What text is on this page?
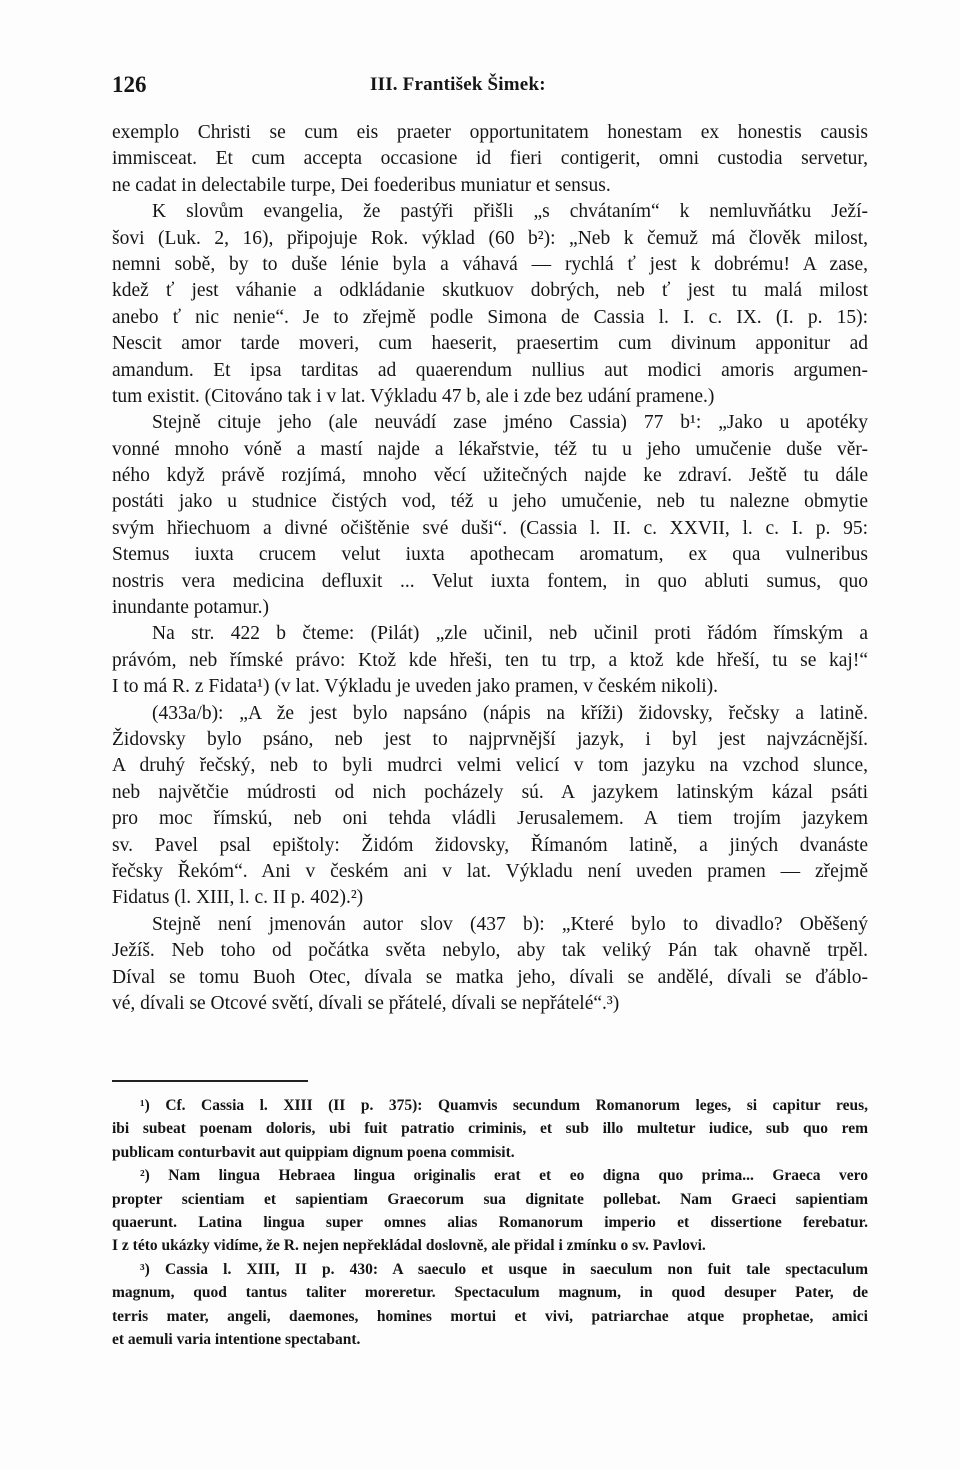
126	III. František Šimek:
exemplo Christi se cum eis praeter opportunitatem honestam ex honestis causis
immisceat. Et cum accepta occasione id fieri contigerit, omni custodia servetur,
ne cadat in delectabile turpe, Dei foederibus muniatur et sensus.
K slovům evangelia, že pastýři přišli „s chvátaním“ k nemluvňátku Ježí-
šovi (Luk. 2, 16), připojuje Rok. výklad (60 b²): „Neb k čemuž má člověk milost,
nemni sobě, by to duše lénie byla a váhavá — rychlá ť jest k dobrému! A zase,
kdež ť jest váhanie a odkládanie skutkuov dobrých, neb ť jest tu malá milost
anebo ť nic nenie“. Je to zřejmě podle Simona de Cassia l. I. c. IX. (I. p. 15):
Nescit amor tarde moveri, cum haeserit, praesertim cum divinum apponitur ad
amandum. Et ipsa tarditas ad quaerendum nullius aut modici amoris argumen-
tum existit. (Citováno tak i v lat. Výkladu 47 b, ale i zde bez udání pramene.)
Stejně cituje jeho (ale neuvádí zase jméno Cassia) 77 b¹: „Jako u apotéky
vonné mnoho vóně a mastí najde a lékařstvie, též tu u jeho umučenie duše věr-
ného když právě rozjímá, mnoho věcí užitečných najde ke zdraví. Ještě tu dále
postáti jako u studnice čistých vod, též u jeho umučenie, neb tu nalezne obmytie
svým hřiechuom a divné očištěnie své duši“. (Cassia l. II. c. XXVII, l. c. I. p. 95:
Stemus iuxta crucem velut iuxta apothecam aromatum, ex qua vulneribus
nostris vera medicina defluxit ... Velut iuxta fontem, in quo abluti sumus, quo
inundante potamur.)
Na str. 422 b čteme: (Pilát) „zle učinil, neb učinil proti řádóm římským a
právóm, neb římské právo: Ktož kde hřeši, ten tu trp, a ktož kde hřeší, tu se kaj!“
I to má R. z Fidata¹) (v lat. Výkladu je uveden jako pramen, v českém nikoli).
(433a/b): „A že jest bylo napsáno (nápis na kříži) židovsky, řečsky a latině.
Židovsky bylo psáno, neb jest to najprvnější jazyk, i byl jest najvzácnější.
A druhý řečský, neb to byli mudrci velmi velicí v tom jazyku na vzchod slunce,
neb najvětčie múdrosti od nich pocházely sú. A jazykem latinským kázal psáti
pro moc římskú, neb oni tehda vládli Jerusalemem. A tiem trojím jazykem
sv. Pavel psal epištoly: Židóm židovsky, Římanóm latině, a jiných dvanáste
řečsky Řekóm“. Ani v českém ani v lat. Výkladu není uveden pramen — zřejmě
Fidatus (l. XIII, l. c. II p. 402).²)
Stejně není jmenován autor slov (437 b): „Které bylo to divadlo? Oběšený
Ježíš. Neb toho od počátka světa nebylo, aby tak veliký Pán tak ohavně trpěl.
Díval se tomu Buoh Otec, dívala se matka jeho, dívali se andělé, dívali se ďáblo-
vé, dívali se Otcové světí, dívali se přátelé, dívali se nepřátelé“.³)
¹) Cf. Cassia l. XIII (II p. 375): Quamvis secundum Romanorum leges, si capitur reus,
ibi subeat poenam doloris, ubi fuit patratio criminis, et sub illo multetur iudice, sub quo rem
publicam conturbavit aut quippiam dignum poena commisit.
²) Nam lingua Hebraea lingua originalis erat et eo digna quo prima... Graeca vero
propter scientiam et sapientiam Graecorum sua dignitate pollebat. Nam Graeci sapientiam
quaerunt. Latina lingua super omnes alias Romanorum imperio et dissertione ferebatur.
I z této ukázky vidíme, že R. nejen nepřekládal doslovně, ale přidal i zmínku o sv. Pavlovi.
³) Cassia l. XIII, II p. 430: A saeculo et usque in saeculum non fuit tale spectaculum
magnum, quod tantus taliter moreretur. Spectaculum magnum, in quod desuper Pater, de
terris mater, angeli, daemones, homines mortui et vivi, patriarchae atque prophetae, amici
et aemuli varia intentione spectabant.
